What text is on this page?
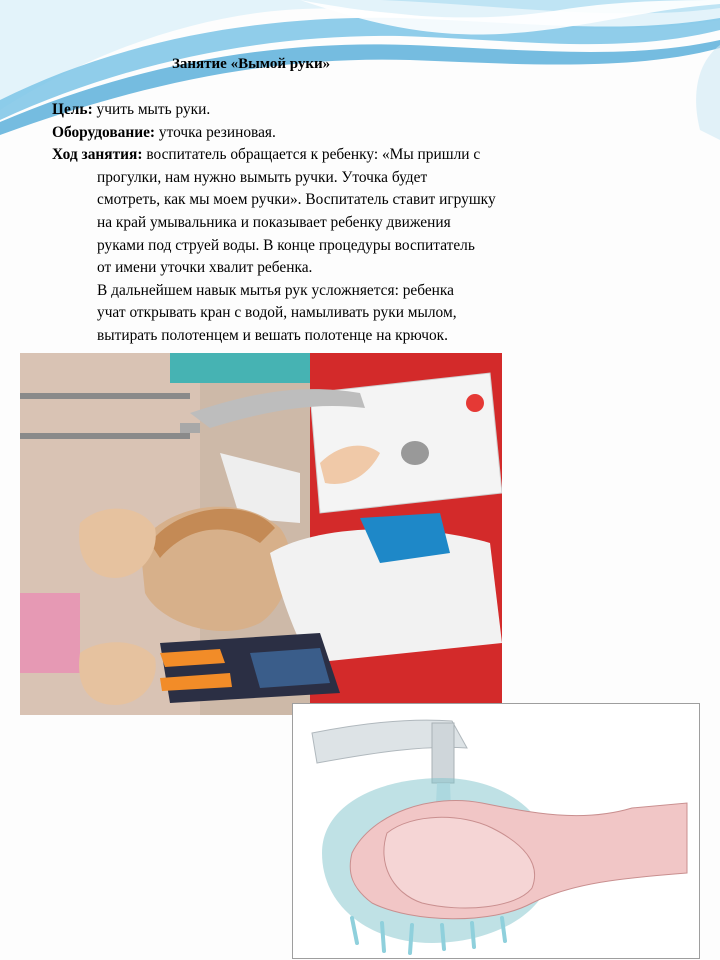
Занятие «Вымой руки»
Цель: учить мыть руки.
Оборудование: уточка резиновая.
Ход занятия: воспитатель обращается к ребенку: «Мы пришли с
прогулки, нам нужно вымыть ручки. Уточка будет
смотреть, как мы моем ручки». Воспитатель ставит игрушку
на край умывальника и показывает ребенку движения
руками под струей воды. В конце процедуры воспитатель
от имени уточки хвалит ребенка.
В дальнейшем навык мытья рук усложняется: ребенка
учат открывать кран с водой, намыливать руки мылом,
вытирать полотенцем и вешать полотенце на крючок.
